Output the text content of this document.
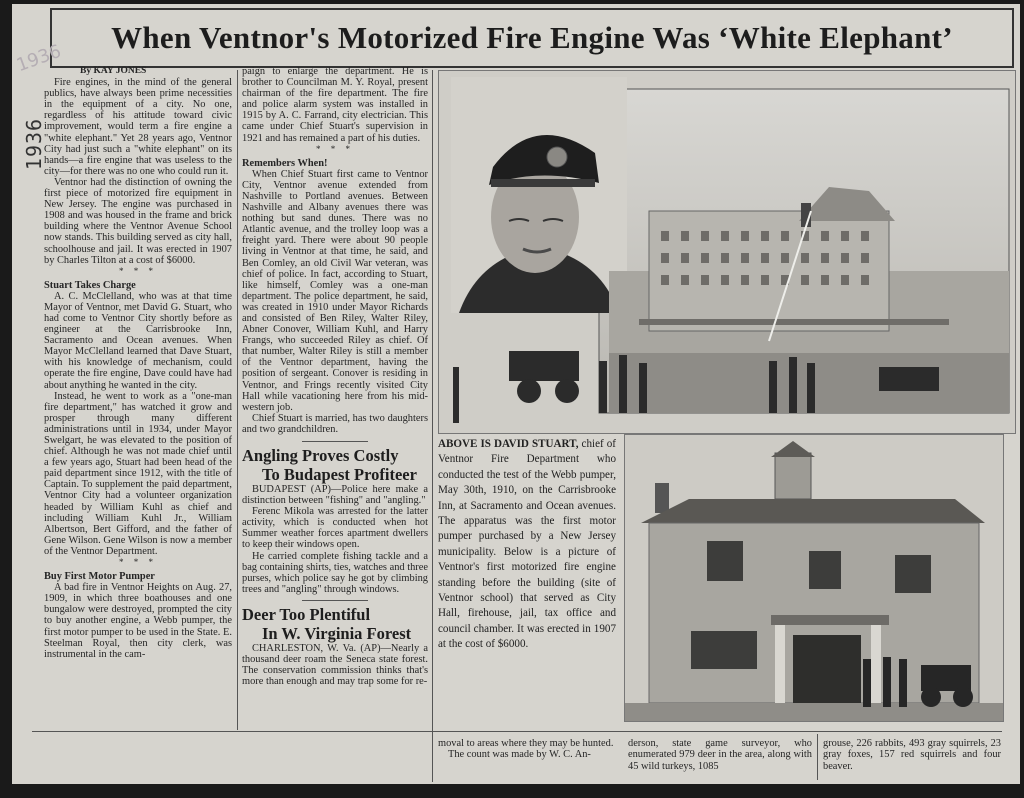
When Ventnor's Motorized Fire Engine Was ‘White Elephant’
1936
1936

By KAY JONES

Fire engines, in the mind of the general publics, have always been prime necessities in the equipment of a city. No one, regardless of his attitude toward civic improvement, would term a fire engine a "white elephant." Yet 28 years ago, Ventnor City had just such a "white elephant" on its hands—a fire engine that was useless to the city—for there was no one who could run it.

Ventnor had the distinction of owning the first piece of motorized fire equipment in New Jersey. The engine was purchased in 1908 and was housed in the frame and brick building where the Ventnor Avenue School now stands. This building served as city hall, schoolhouse and jail. It was erected in 1907 by Charles Tilton at a cost of $6000.

* * *

Stuart Takes Charge

A. C. McClelland, who was at that time Mayor of Ventnor, met David G. Stuart, who had come to Ventnor City shortly before as engineer at the Carrisbrooke Inn, Sacramento and Ocean avenues. When Mayor McClelland learned that Dave Stuart, with his knowledge of mechanism, could operate the fire engine, Dave could have had about anything he wanted in the city.

Instead, he went to work as a "one-man fire department," has watched it grow and prosper through many different administrations until in 1934, under Mayor Swelgart, he was elevated to the position of chief. Although he was not made chief until a few years ago, Stuart had been head of the paid department since 1912, with the title of Captain. To supplement the paid department, Ventnor City had a volunteer organization headed by William Kuhl as chief and including William Kuhl Jr., William Albertson, Bert Gifford, and the father of Gene Wilson. Gene Wilson is now a member of the Ventnor Department.

* * *

Buy First Motor Pumper

A bad fire in Ventnor Heights on Aug. 27, 1909, in which three boathouses and one bungalow were destroyed, prompted the city to buy another engine, a Webb pumper, the first motor pumper to be used in the State. E. Steelman Royal, then city clerk, was instrumental in the cam-

paign to enlarge the department. He is brother to Councilman M. Y. Royal, present chairman of the fire department. The fire and police alarm system was installed in 1915 by A. C. Farrand, city electrician. This came under Chief Stuart's supervision in 1921 and has remained a part of his duties.

* * *

Remembers When!

When Chief Stuart first came to Ventnor City, Ventnor avenue extended from Nashville to Portland avenues. Between Nashville and Albany avenues there was nothing but sand dunes. There was no Atlantic avenue, and the trolley loop was a freight yard. There were about 90 people living in Ventnor at that time, he said, and Ben Comley, an old Civil War veteran, was chief of police. In fact, according to Stuart, like himself, Comley was a one-man department. The police department, he said, was created in 1910 under Mayor Richards and consisted of Ben Riley, Walter Riley, Abner Conover, William Kuhl, and Harry Frangs, who succeeded Riley as chief. Of that number, Walter Riley is still a member of the Ventnor department, having the position of sergeant. Conover is residing in Ventnor, and Frings recently visited City Hall while vacationing here from his mid-western job.

Chief Stuart is married, has two daughters and two grandchildren.

Angling Proves Costly
To Budapest Profiteer

BUDAPEST (AP)—Police here make a distinction between "fishing" and "angling."

Ferenc Mikola was arrested for the latter activity, which is conducted when hot Summer weather forces apartment dwellers to keep their windows open.

He carried complete fishing tackle and a bag containing shirts, ties, watches and three purses, which police say he got by climbing trees and "angling" through windows.

Deer Too Plentiful
In W. Virginia Forest

CHARLESTON, W. Va. (AP)—Nearly a thousand deer roam the Seneca state forest. The conservation commission thinks that's more than enough and may trap some for re-

ABOVE IS DAVID STUART, chief of Ventnor Fire Department who conducted the test of the Webb pumper, May 30th, 1910, on the Carrisbrooke Inn, at Sacramento and Ocean avenues. The apparatus was the first motor pumper purchased by a New Jersey municipality. Below is a picture of Ventnor's first motorized fire engine standing before the building (site of Ventnor school) that served as City Hall, firehouse, jail, tax office and council chamber. It was erected in 1907 at the cost of $6000.

moval to areas where they may be hunted.

The count was made by W. C. An-

derson, state game surveyor, who enumerated 979 deer in the area, along with 45 wild turkeys, 1085
grouse, 226 rabbits, 493 gray squirrels, 23 gray foxes, 157 red squirrels and four beaver.
